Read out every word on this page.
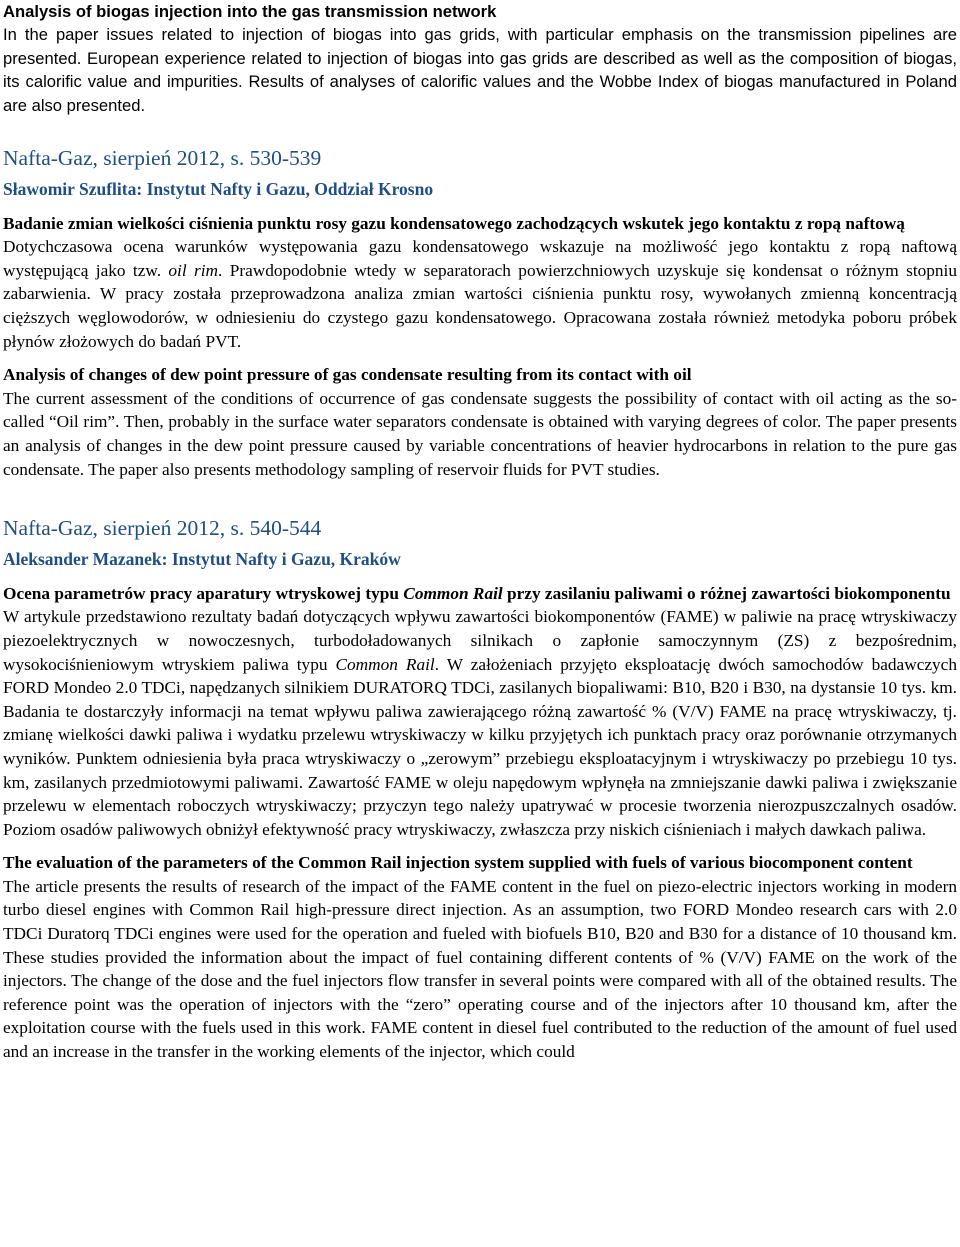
Analysis of biogas injection into the gas transmission network

In the paper issues related to injection of biogas into gas grids, with particular emphasis on the transmission pipelines are presented. European experience related to injection of biogas into gas grids are described as well as the composition of biogas, its calorific value and impurities. Results of analyses of calorific values and the Wobbe Index of biogas manufactured in Poland are also presented.

Nafta-Gaz, sierpień 2012, s. 530-539

Sławomir Szuflita: Instytut Nafty i Gazu, Oddział Krosno

Badanie zmian wielkości ciśnienia punktu rosy gazu kondensatowego zachodzących wskutek jego kontaktu z ropą naftową

Dotychczasowa ocena warunków występowania gazu kondensatowego wskazuje na możliwość jego kontaktu z ropą naftową występującą jako tzw. oil rim. Prawdopodobnie wtedy w separatorach powierzchniowych uzyskuje się kondensat o różnym stopniu zabarwienia. W pracy została przeprowadzona analiza zmian wartości ciśnienia punktu rosy, wywołanych zmienną koncentracją cięższych węglowodorów, w odniesieniu do czystego gazu kondensatowego. Opracowana została również metodyka poboru próbek płynów złożowych do badań PVT.

Analysis of changes of dew point pressure of gas condensate resulting from its contact with oil

The current assessment of the conditions of occurrence of gas condensate suggests the possibility of contact with oil acting as the so-called “Oil rim”. Then, probably in the surface water separators condensate is obtained with varying degrees of color. The paper presents an analysis of changes in the dew point pressure caused by variable concentrations of heavier hydrocarbons in relation to the pure gas condensate. The paper also presents methodology sampling of reservoir fluids for PVT studies.

Nafta-Gaz, sierpień 2012, s. 540-544

Aleksander Mazanek: Instytut Nafty i Gazu, Kraków

Ocena parametrów pracy aparatury wtryskowej typu Common Rail przy zasilaniu paliwami o różnej zawartości biokomponentu

W artykule przedstawiono rezultaty badań dotyczących wpływu zawartości biokomponentów (FAME) w paliwie na pracę wtryskiwaczy piezoelektrycznych w nowoczesnych, turbodoładowanych silnikach o zapłonie samoczynnym (ZS) z bezpośrednim, wysokociśnieniowym wtryskiem paliwa typu Common Rail. W założeniach przyjęto eksploatację dwóch samochodów badawczych FORD Mondeo 2.0 TDCi, napędzanych silnikiem DURATORQ TDCi, zasilanych biopaliwami: B10, B20 i B30, na dystansie 10 tys. km. Badania te dostarczyły informacji na temat wpływu paliwa zawierającego różną zawartość % (V/V) FAME na pracę wtryskiwaczy, tj. zmianę wielkości dawki paliwa i wydatku przelewu wtryskiwaczy w kilku przyjętych ich punktach pracy oraz porównanie otrzymanych wyników. Punktem odniesienia była praca wtryskiwaczy o „zerowym” przebiegu eksploatacyjnym i wtryskiwaczy po przebiegu 10 tys. km, zasilanych przedmiotowymi paliwami. Zawartość FAME w oleju napędowym wpłynęła na zmniejszanie dawki paliwa i zwiększanie przelewu w elementach roboczych wtryskiwaczy; przyczyn tego należy upatrywać w procesie tworzenia nierozpuszczalnych osadów. Poziom osadów paliwowych obniżył efektywność pracy wtryskiwaczy, zwłaszcza przy niskich ciśnieniach i małych dawkach paliwa.

The evaluation of the parameters of the Common Rail injection system supplied with fuels of various biocomponent content

The article presents the results of research of the impact of the FAME content in the fuel on piezo-electric injectors working in modern turbo diesel engines with Common Rail high-pressure direct injection. As an assumption, two FORD Mondeo research cars with 2.0 TDCi Duratorq TDCi engines were used for the operation and fueled with biofuels B10, B20 and B30 for a distance of 10 thousand km. These studies provided the information about the impact of fuel containing different contents of % (V/V) FAME on the work of the injectors. The change of the dose and the fuel injectors flow transfer in several points were compared with all of the obtained results. The reference point was the operation of injectors with the “zero” operating course and of the injectors after 10 thousand km, after the exploitation course with the fuels used in this work. FAME content in diesel fuel contributed to the reduction of the amount of fuel used and an increase in the transfer in the working elements of the injector, which could
